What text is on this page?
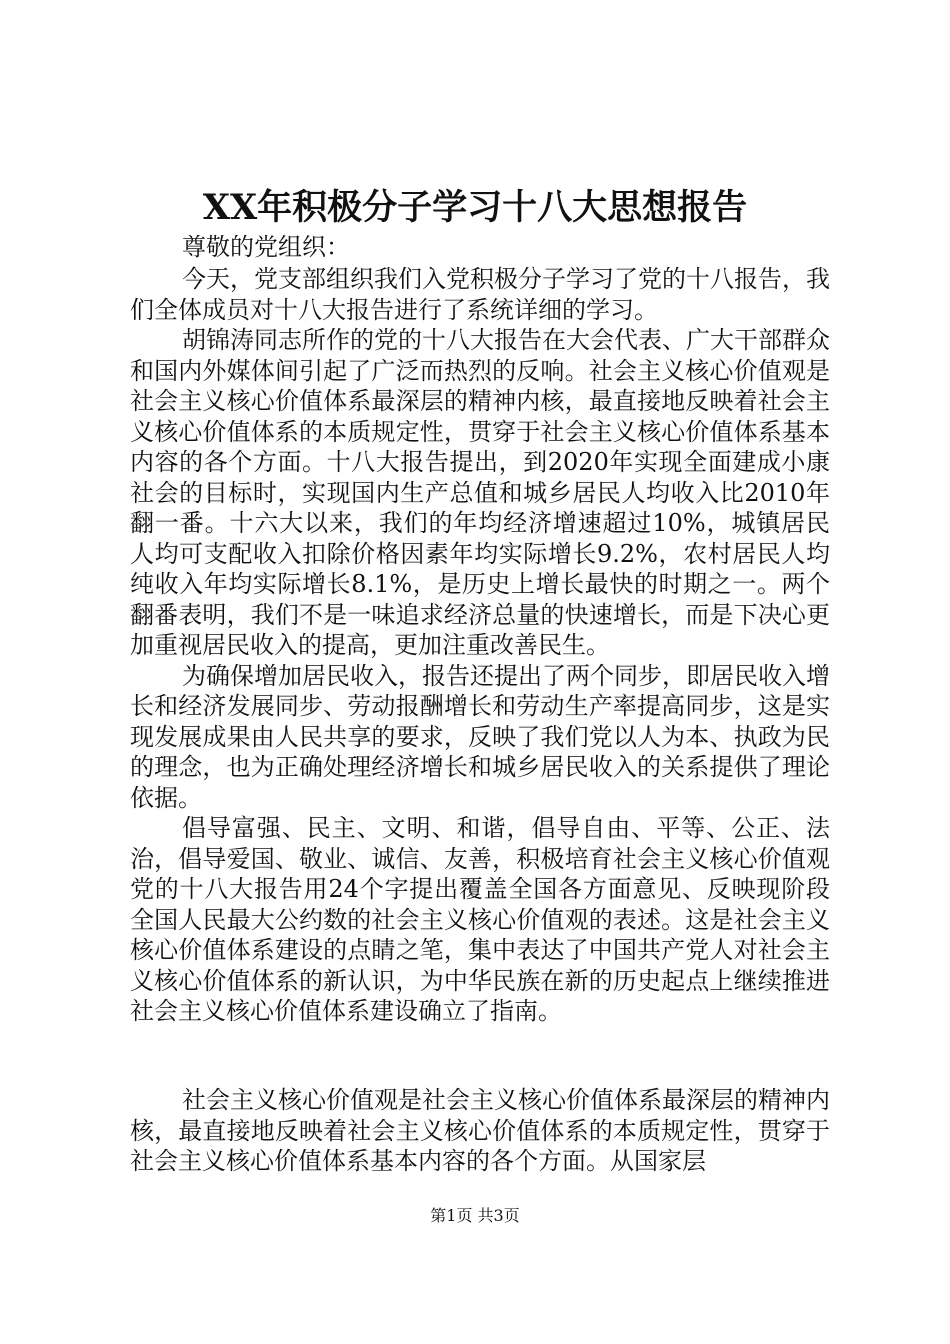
XX年积极分子学习十八大思想报告
尊敬的党组织：

今天，党支部组织我们入党积极分子学习了党的十八报告，我们全体成员对十八大报告进行了系统详细的学习。

胡锦涛同志所作的党的十八大报告在大会代表、广大干部群众和国内外媒体间引起了广泛而热烈的反响。社会主义核心价值观是社会主义核心价值体系最深层的精神内核，最直接地反映着社会主义核心价值体系的本质规定性，贯穿于社会主义核心价值体系基本内容的各个方面。十八大报告提出，到2020年实现全面建成小康社会的目标时，实现国内生产总值和城乡居民人均收入比2010年翻一番。十六大以来，我们的年均经济增速超过10%，城镇居民人均可支配收入扣除价格因素年均实际增长9.2%，农村居民人均纯收入年均实际增长8.1%，是历史上增长最快的时期之一。两个翻番表明，我们不是一味追求经济总量的快速增长，而是下决心更加重视居民收入的提高，更加注重改善民生。

为确保增加居民收入，报告还提出了两个同步，即居民收入增长和经济发展同步、劳动报酬增长和劳动生产率提高同步，这是实现发展成果由人民共享的要求，反映了我们党以人为本、执政为民的理念，也为正确处理经济增长和城乡居民收入的关系提供了理论依据。

倡导富强、民主、文明、和谐，倡导自由、平等、公正、法治，倡导爱国、敬业、诚信、友善，积极培育社会主义核心价值观党的十八大报告用24个字提出覆盖全国各方面意见、反映现阶段全国人民最大公约数的社会主义核心价值观的表述。这是社会主义核心价值体系建设的点睛之笔，集中表达了中国共产党人对社会主义核心价值体系的新认识，为中华民族在新的历史起点上继续推进社会主义核心价值体系建设确立了指南。

社会主义核心价值观是社会主义核心价值体系最深层的精神内核，最直接地反映着社会主义核心价值体系的本质规定性，贯穿于社会主义核心价值体系基本内容的各个方面。从国家层

第1页 共3页
